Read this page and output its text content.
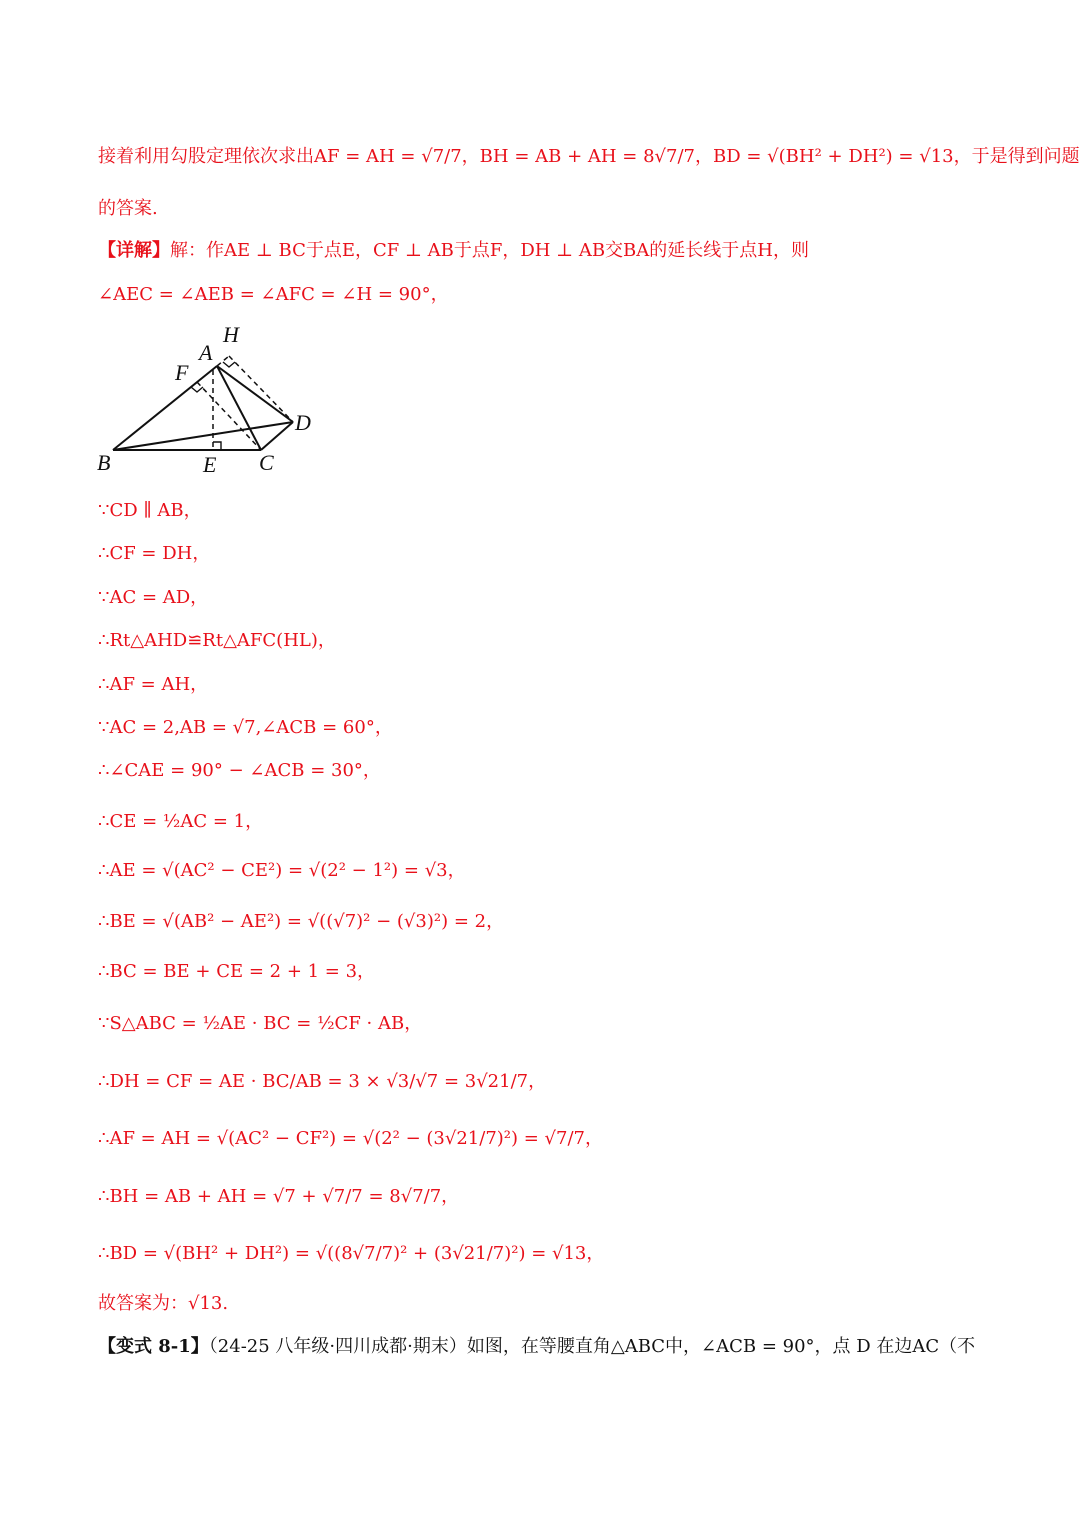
接着利用勾股定理依次求出AF = AH = √7/7，BH = AB + AH = 8√7/7，BD = √(BH² + DH²) = √13，于是得到问题
的答案.
【详解】解：作AE ⊥ BC于点E，CF ⊥ AB于点F，DH ⊥ AB交BA的延长线于点H，则
∠AEC = ∠AEB = ∠AFC = ∠H = 90°，
A
H
F
D
B	E C
∵CD ∥ AB，
∴CF = DH，
∵AC = AD，
∴Rt△AHD≌Rt△AFC(HL)，
∴AF = AH，
∵AC = 2,AB = √7,∠ACB = 60°，
∴∠CAE = 90° − ∠ACB = 30°，
∴CE = ½AC = 1，
∴AE = √(AC² − CE²) = √(2² − 1²) = √3，
∴BE = √(AB² − AE²) = √((√7)² − (√3)²) = 2，
∴BC = BE + CE = 2 + 1 = 3，
∵S△ABC = ½AE · BC = ½CF · AB，
∴DH = CF = AE · BC/AB = 3 × √3/√7 = 3√21/7，
∴AF = AH = √(AC² − CF²) = √(2² − (3√21/7)²) = √7/7，
∴BH = AB + AH = √7 + √7/7 = 8√7/7，
∴BD = √(BH² + DH²) = √((8√7/7)² + (3√21/7)²) = √13，
故答案为：√13.
【变式 8-1】（24-25 八年级·四川成都·期末）如图，在等腰直角△ABC中，∠ACB = 90°，点 D 在边AC（不
